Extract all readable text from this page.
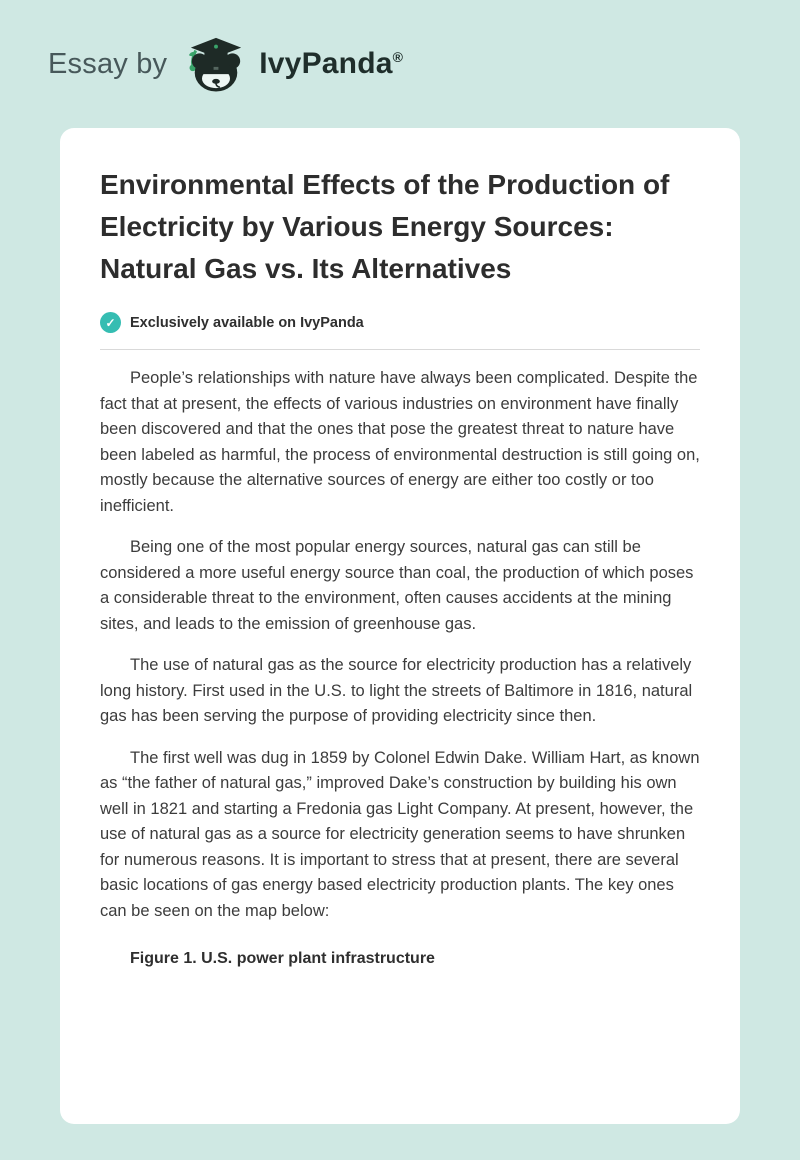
Essay by	IvyPanda®
Environmental Effects of the Production of Electricity by Various Energy Sources: Natural Gas vs. Its Alternatives
✓ Exclusively available on IvyPanda

People’s relationships with nature have always been complicated. Despite the fact that at present, the effects of various industries on environment have finally been discovered and that the ones that pose the greatest threat to nature have been labeled as harmful, the process of environmental destruction is still going on, mostly because the alternative sources of energy are either too costly or too inefficient.

Being one of the most popular energy sources, natural gas can still be considered a more useful energy source than coal, the production of which poses a considerable threat to the environment, often causes accidents at the mining sites, and leads to the emission of greenhouse gas.

The use of natural gas as the source for electricity production has a relatively long history. First used in the U.S. to light the streets of Baltimore in 1816, natural gas has been serving the purpose of providing electricity since then.

The first well was dug in 1859 by Colonel Edwin Dake. William Hart, as known as “the father of natural gas,” improved Dake’s construction by building his own well in 1821 and starting a Fredonia gas Light Company. At present, however, the use of natural gas as a source for electricity generation seems to have shrunken for numerous reasons. It is important to stress that at present, there are several basic locations of gas energy based electricity production plants. The key ones can be seen on the map below:

Figure 1. U.S. power plant infrastructure
